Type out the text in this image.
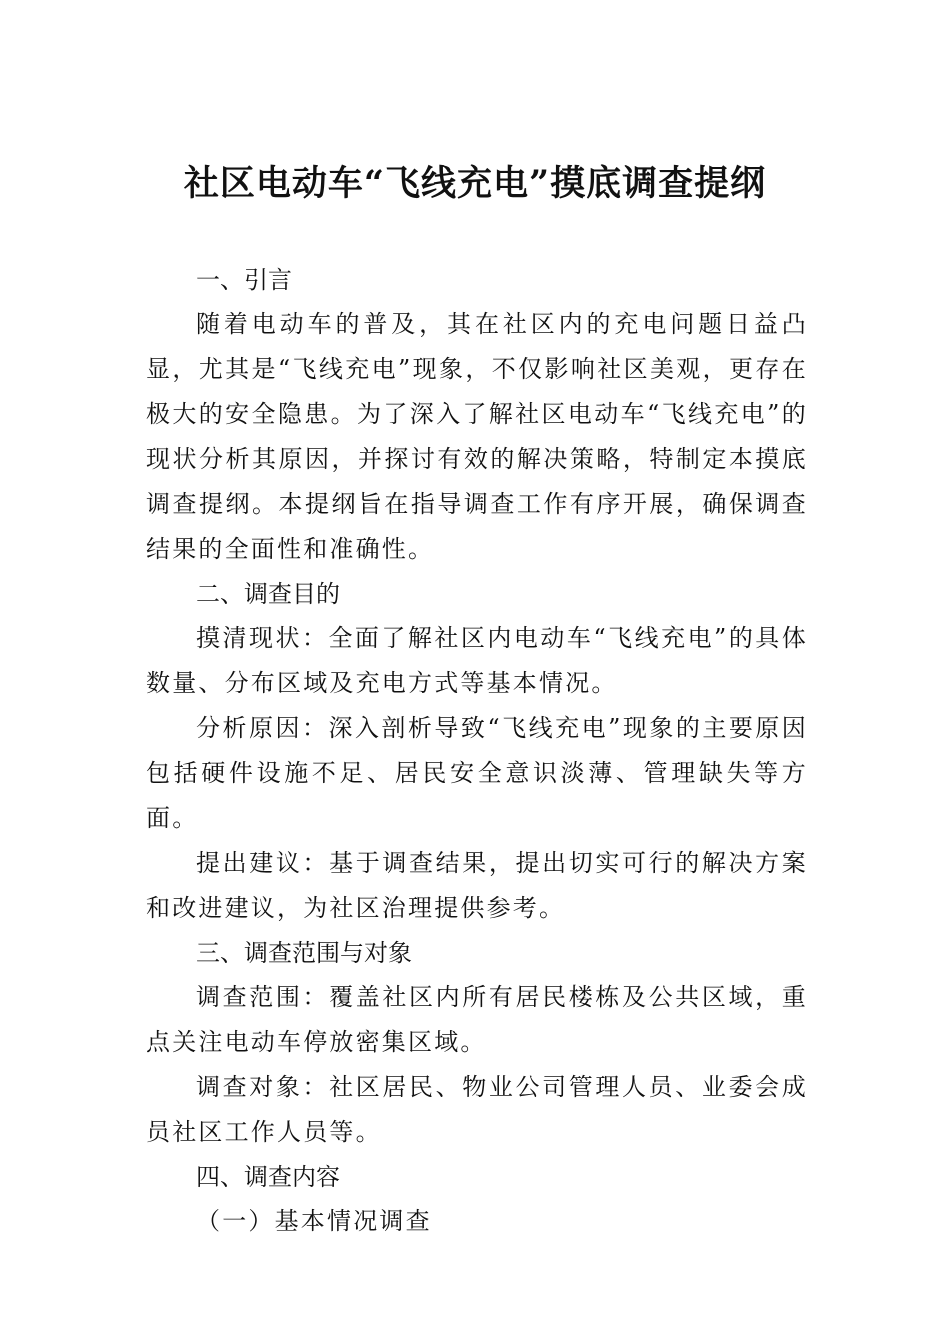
社区电动车“飞线充电”摸底调查提纲
一、引言

随着电动车的普及，其在社区内的充电问题日益凸显，尤其是“飞线充电”现象，不仅影响社区美观，更存在极大的安全隐患。为了深入了解社区电动车“飞线充电”的现状分析其原因，并探讨有效的解决策略，特制定本摸底调查提纲。本提纲旨在指导调查工作有序开展，确保调查结果的全面性和准确性。

二、调查目的

摸清现状：全面了解社区内电动车“飞线充电”的具体数量、分布区域及充电方式等基本情况。

分析原因：深入剖析导致“飞线充电”现象的主要原因包括硬件设施不足、居民安全意识淡薄、管理缺失等方面。

提出建议：基于调查结果，提出切实可行的解决方案和改进建议，为社区治理提供参考。

三、调查范围与对象

调查范围：覆盖社区内所有居民楼栋及公共区域，重点关注电动车停放密集区域。

调查对象：社区居民、物业公司管理人员、业委会成员社区工作人员等。

四、调查内容
（一）基本情况调查
